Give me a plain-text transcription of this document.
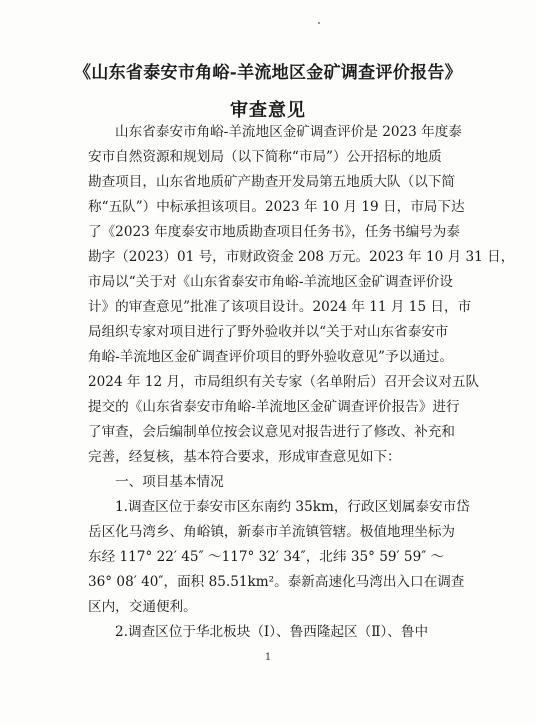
《山东省泰安市角峪-羊流地区金矿调查评价报告》
审查意见
山东省泰安市角峪-羊流地区金矿调查评价是 2023 年度泰
安市自然资源和规划局（以下简称“市局”）公开招标的地质
勘查项目，山东省地质矿产勘查开发局第五地质大队（以下简
称“五队”）中标承担该项目。2023 年 10 月 19 日，市局下达
了《2023 年度泰安市地质勘查项目任务书》，任务书编号为泰
勘字（2023）01 号，市财政资金 208 万元。2023 年 10 月 31 日，
市局以“关于对《山东省泰安市角峪-羊流地区金矿调查评价设
计》的审查意见”批准了该项目设计。2024 年 11 月 15 日，市
局组织专家对项目进行了野外验收并以“关于对山东省泰安市
角峪-羊流地区金矿调查评价项目的野外验收意见”予以通过。
2024 年 12 月，市局组织有关专家（名单附后）召开会议对五队
提交的《山东省泰安市角峪-羊流地区金矿调查评价报告》进行
了审查，会后编制单位按会议意见对报告进行了修改、补充和
完善，经复核，基本符合要求，形成审查意见如下：
一、项目基本情况
1.调查区位于泰安市区东南约 35km，行政区划属泰安市岱
岳区化马湾乡、角峪镇，新泰市羊流镇管辖。极值地理坐标为
东经 117° 22′ 45″ ～117° 32′ 34″，北纬 35° 59′ 59″ ～
36° 08′ 40″，面积 85.51km²。泰新高速化马湾出入口在调查
区内，交通便利。
2.调查区位于华北板块（Ⅰ）、鲁西隆起区（Ⅱ）、鲁中
1
